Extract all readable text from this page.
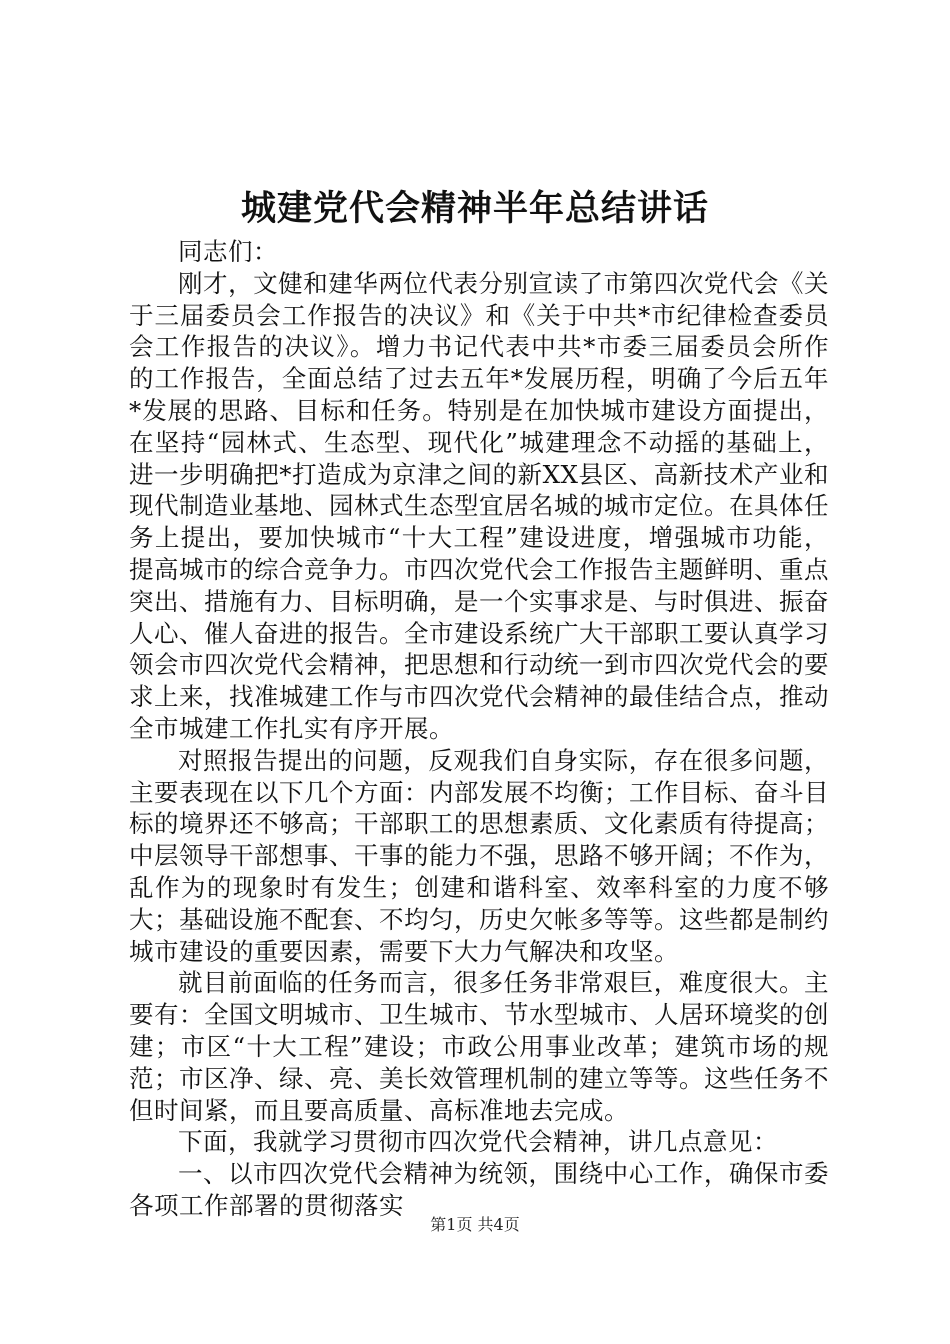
城建党代会精神半年总结讲话

同志们：

刚才，文健和建华两位代表分别宣读了市第四次党代会《关于三届委员会工作报告的决议》和《关于中共*市纪律检查委员会工作报告的决议》。增力书记代表中共*市委三届委员会所作的工作报告，全面总结了过去五年*发展历程，明确了今后五年*发展的思路、目标和任务。特别是在加快城市建设方面提出，在坚持“园林式、生态型、现代化”城建理念不动摇的基础上，进一步明确把*打造成为京津之间的新XX县区、高新技术产业和现代制造业基地、园林式生态型宜居名城的城市定位。在具体任务上提出，要加快城市“十大工程”建设进度，增强城市功能，提高城市的综合竞争力。市四次党代会工作报告主题鲜明、重点突出、措施有力、目标明确，是一个实事求是、与时俱进、振奋人心、催人奋进的报告。全市建设系统广大干部职工要认真学习领会市四次党代会精神，把思想和行动统一到市四次党代会的要求上来，找准城建工作与市四次党代会精神的最佳结合点，推动全市城建工作扎实有序开展。

对照报告提出的问题，反观我们自身实际，存在很多问题，主要表现在以下几个方面：内部发展不均衡；工作目标、奋斗目标的境界还不够高；干部职工的思想素质、文化素质有待提高；中层领导干部想事、干事的能力不强，思路不够开阔；不作为，乱作为的现象时有发生；创建和谐科室、效率科室的力度不够大；基础设施不配套、不均匀，历史欠帐多等等。这些都是制约城市建设的重要因素，需要下大力气解决和攻坚。

就目前面临的任务而言，很多任务非常艰巨，难度很大。主要有：全国文明城市、卫生城市、节水型城市、人居环境奖的创建；市区“十大工程”建设；市政公用事业改革；建筑市场的规范；市区净、绿、亮、美长效管理机制的建立等等。这些任务不但时间紧，而且要高质量、高标准地去完成。

下面，我就学习贯彻市四次党代会精神，讲几点意见：

一、以市四次党代会精神为统领，围绕中心工作，确保市委各项工作部署的贯彻落实

第1页 共4页
